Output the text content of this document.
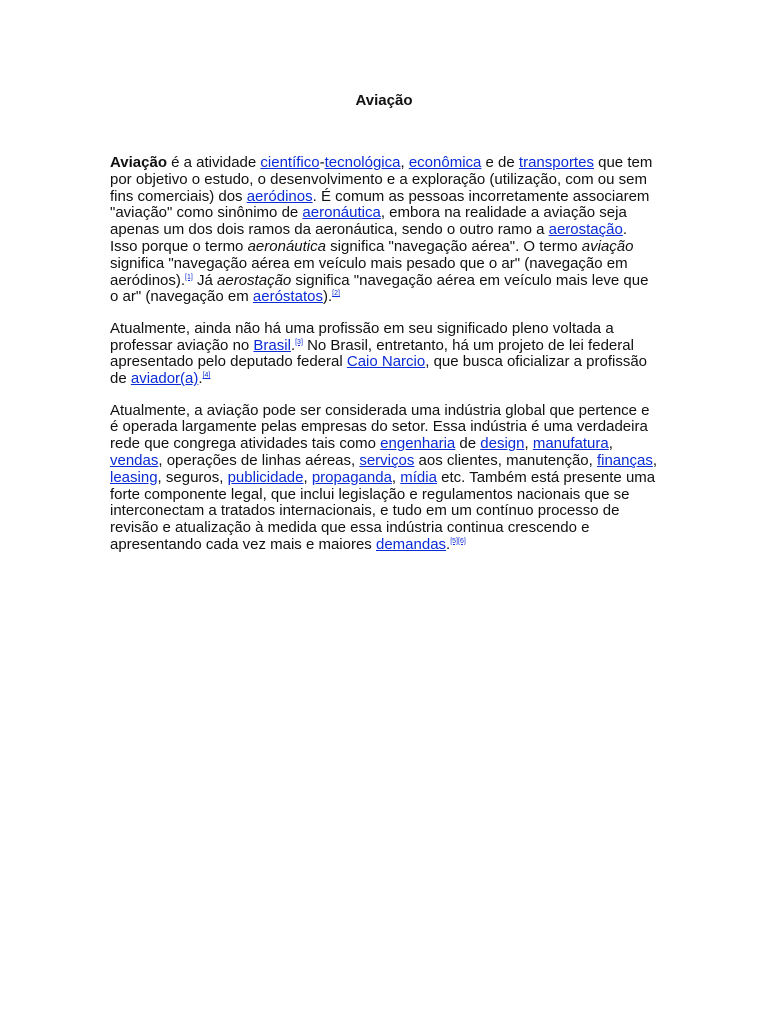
Aviação

Aviação é a atividade científico-tecnológica, econômica e de transportes que tem por objetivo o estudo, o desenvolvimento e a exploração (utilização, com ou sem fins comerciais) dos aeródinos. É comum as pessoas incorretamente associarem "aviação" como sinônimo de aeronáutica, embora na realidade a aviação seja apenas um dos dois ramos da aeronáutica, sendo o outro ramo a aerostação. Isso porque o termo aeronáutica significa "navegação aérea". O termo aviação significa "navegação aérea em veículo mais pesado que o ar" (navegação em aeródinos).[1] Já aerostação significa "navegação aérea em veículo mais leve que o ar" (navegação em aeróstatos).[2]

Atualmente, ainda não há uma profissão em seu significado pleno voltada a professar aviação no Brasil.[3] No Brasil, entretanto, há um projeto de lei federal apresentado pelo deputado federal Caio Narcio, que busca oficializar a profissão de aviador(a).[4]

Atualmente, a aviação pode ser considerada uma indústria global que pertence e é operada largamente pelas empresas do setor. Essa indústria é uma verdadeira rede que congrega atividades tais como engenharia de design, manufatura, vendas, operações de linhas aéreas, serviços aos clientes, manutenção, finanças, leasing, seguros, publicidade, propaganda, mídia etc. Também está presente uma forte componente legal, que inclui legislação e regulamentos nacionais que se interconectam a tratados internacionais, e tudo em um contínuo processo de revisão e atualização à medida que essa indústria continua crescendo e apresentando cada vez mais e maiores demandas.[5][6]
